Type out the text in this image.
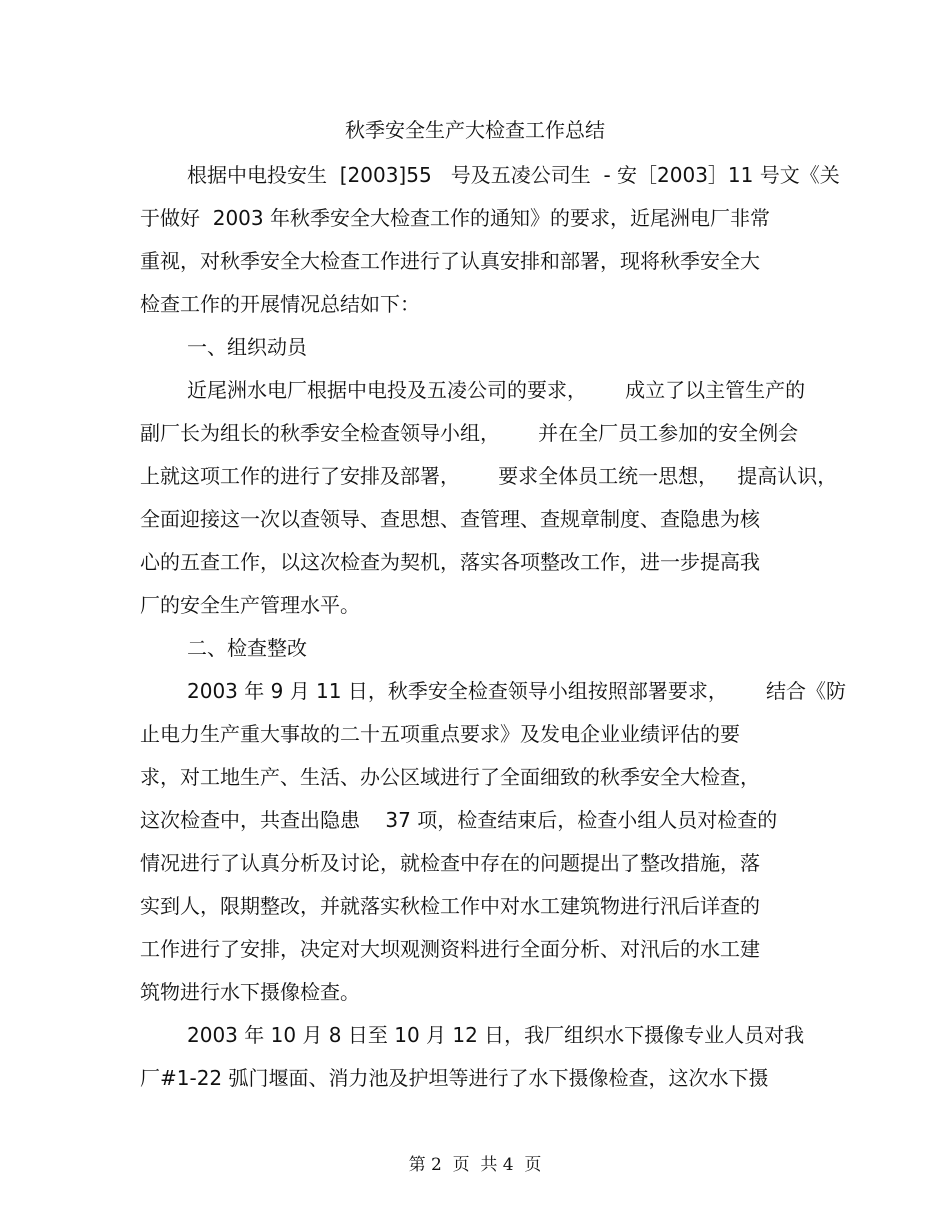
秋季安全生产大检查工作总结
根据中电投安生  [2003]55   号及五凌公司生  - 安［2003］11 号文《关
于做好  2003 年秋季安全大检查工作的通知》的要求，近尾洲电厂非常
重视，对秋季安全大检查工作进行了认真安排和部署，现将秋季安全大
检查工作的开展情况总结如下：
一、组织动员
近尾洲水电厂根据中电投及五凌公司的要求，      成立了以主管生产的
副厂长为组长的秋季安全检查领导小组，      并在全厂员工参加的安全例会
上就这项工作的进行了安排及部署，      要求全体员工统一思想，   提高认识，
全面迎接这一次以查领导、查思想、查管理、查规章制度、查隐患为核
心的五查工作，以这次检查为契机，落实各项整改工作，进一步提高我
厂的安全生产管理水平。
二、检查整改
2003 年 9 月 11 日，秋季安全检查领导小组按照部署要求，      结合《防
止电力生产重大事故的二十五项重点要求》及发电企业业绩评估的要
求，对工地生产、生活、办公区域进行了全面细致的秋季安全大检查，
这次检查中，共查出隐患    37 项，检查结束后，检查小组人员对检查的
情况进行了认真分析及讨论，就检查中存在的问题提出了整改措施，落
实到人，限期整改，并就落实秋检工作中对水工建筑物进行汛后详查的
工作进行了安排，决定对大坝观测资料进行全面分析、对汛后的水工建
筑物进行水下摄像检查。
2003 年 10 月 8 日至 10 月 12 日，我厂组织水下摄像专业人员对我
厂#1-22 弧门堰面、消力池及护坦等进行了水下摄像检查，这次水下摄
第 2  页  共 4  页
